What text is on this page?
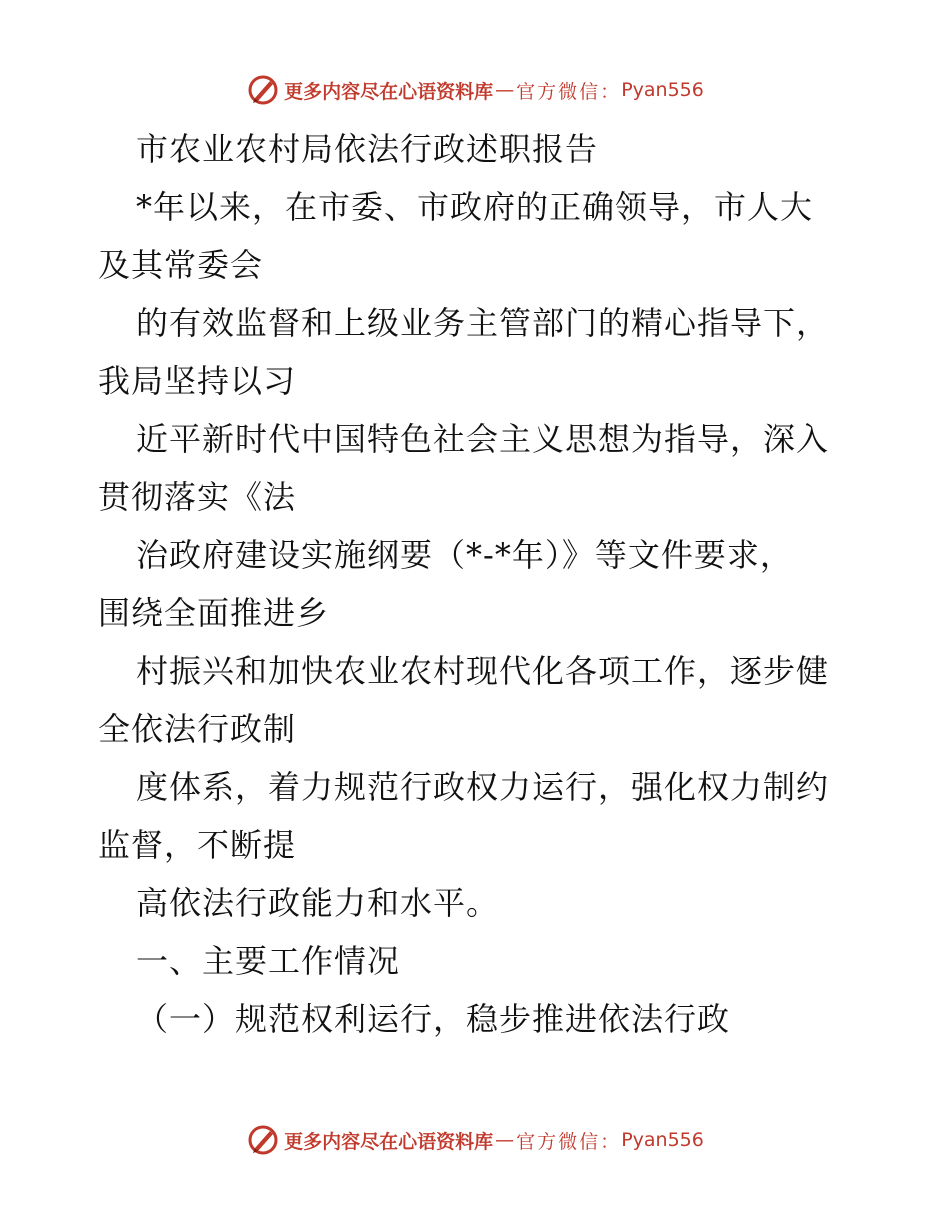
更多内容尽在心语资料库 — 官方微信： Pyan556
市农业农村局依法行政述职报告
*年以来，在市委、市政府的正确领导，市人大
及其常委会
的有效监督和上级业务主管部门的精心指导下，
我局坚持以习
近平新时代中国特色社会主义思想为指导，深入
贯彻落实《法
治政府建设实施纲要（*-*年）》等文件要求，
围绕全面推进乡
村振兴和加快农业农村现代化各项工作，逐步健
全依法行政制
度体系，着力规范行政权力运行，强化权力制约
监督，不断提
高依法行政能力和水平。
一、主要工作情况
（一）规范权利运行，稳步推进依法行政
更多内容尽在心语资料库 — 官方微信： Pyan556
